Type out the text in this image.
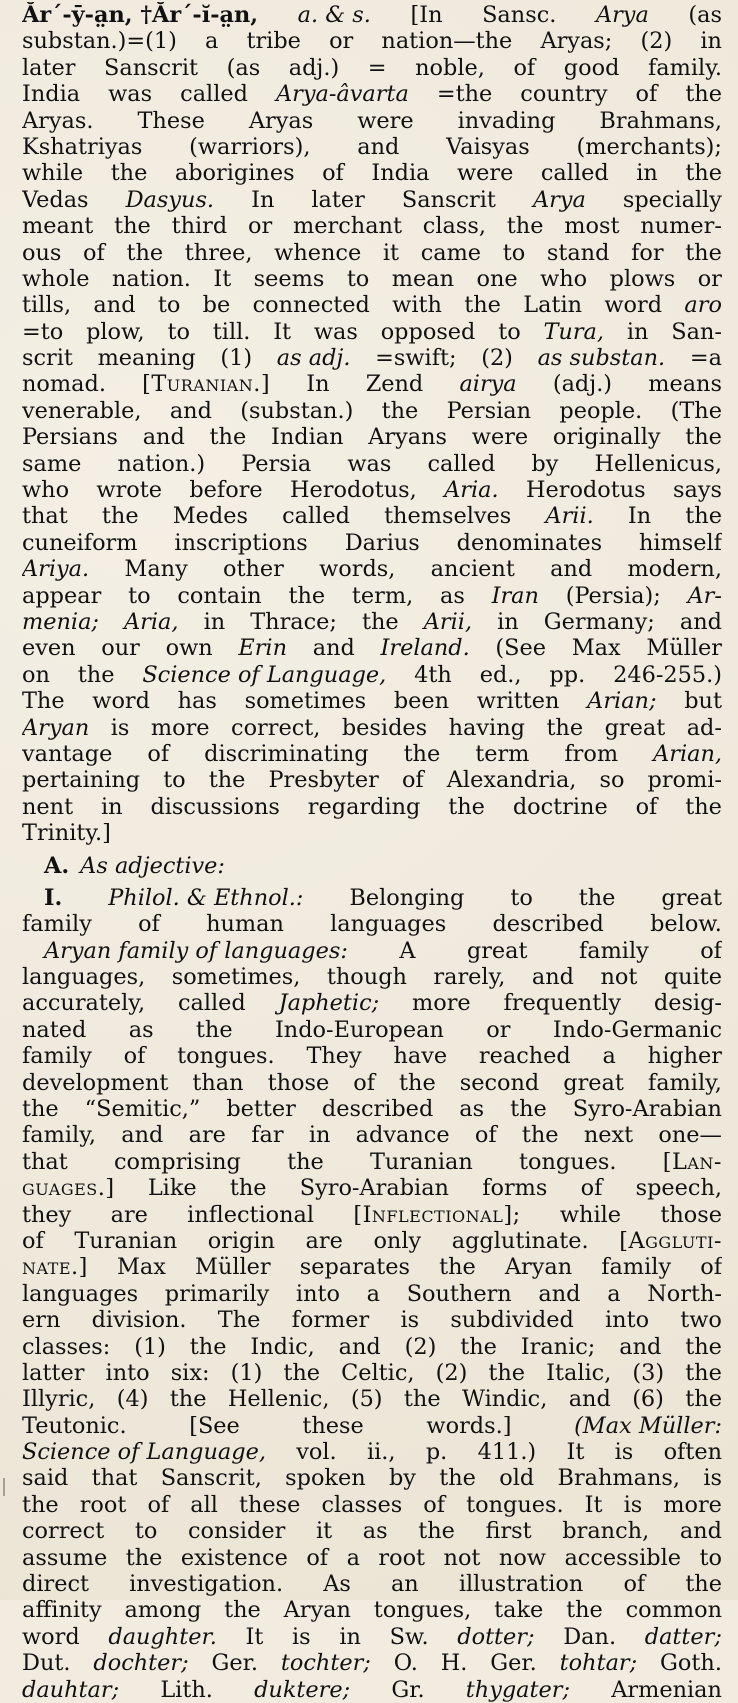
Ăr´-ȳ-a̤n, †Ăr´-ĭ-a̤n, a. & s. [In Sansc. Arya (as
substan.)=(1) a tribe or nation—the Aryas; (2) in
later Sanscrit (as adj.) = noble, of good family.
India was called Arya-âvarta =the country of the
Aryas. These Aryas were invading Brahmans,
Kshatriyas (warriors), and Vaisyas (merchants);
while the aborigines of India were called in the
Vedas Dasyus. In later Sanscrit Arya specially
meant the third or merchant class, the most numer-
ous of the three, whence it came to stand for the
whole nation. It seems to mean one who plows or
tills, and to be connected with the Latin word aro
=to plow, to till. It was opposed to Tura, in San-
scrit meaning (1) as adj. =swift; (2) as substan. =a
nomad. [Turanian.] In Zend airya (adj.) means
venerable, and (substan.) the Persian people. (The
Persians and the Indian Aryans were originally the
same nation.) Persia was called by Hellenicus,
who wrote before Herodotus, Aria. Herodotus says
that the Medes called themselves Arii. In the
cuneiform inscriptions Darius denominates himself
Ariya. Many other words, ancient and modern,
appear to contain the term, as Iran (Persia); Ar-
menia; Aria, in Thrace; the Arii, in Germany; and
even our own Erin and Ireland. (See Max Müller
on the Science of Language, 4th ed., pp. 246-255.)
The word has sometimes been written Arian; but
Aryan is more correct, besides having the great ad-
vantage of discriminating the term from Arian,
pertaining to the Presbyter of Alexandria, so promi-
nent in discussions regarding the doctrine of the
Trinity.]
A. As adjective:
I. Philol. & Ethnol.: Belonging to the great
family of human languages described below.
Aryan family of languages: A great family of
languages, sometimes, though rarely, and not quite
accurately, called Japhetic; more frequently desig-
nated as the Indo-European or Indo-Germanic
family of tongues. They have reached a higher
development than those of the second great family,
the “Semitic,” better described as the Syro-Arabian
family, and are far in advance of the next one—
that comprising the Turanian tongues. [Lan-
guages.] Like the Syro-Arabian forms of speech,
they are inflectional [Inflectional]; while those
of Turanian origin are only agglutinate. [Aggluti-
nate.] Max Müller separates the Aryan family of
languages primarily into a Southern and a North-
ern division. The former is subdivided into two
classes: (1) the Indic, and (2) the Iranic; and the
latter into six: (1) the Celtic, (2) the Italic, (3) the
Illyric, (4) the Hellenic, (5) the Windic, and (6) the
Teutonic.	[See	these	words.]	(Max Müller:
Science of Language, vol. ii., p. 411.) It is often
said that Sanscrit, spoken by the old Brahmans, is
the root of all these classes of tongues. It is more
correct to consider it as the first branch, and
assume the existence of a root not now accessible to
direct investigation. As an illustration of the
affinity among the Aryan tongues, take the common
word daughter. It is in Sw. dotter; Dan. datter;
Dut. dochter; Ger. tochter; O. H. Ger. tohtar; Goth.
dauhtar; Lith. duktere; Gr. thygater; Armenian
